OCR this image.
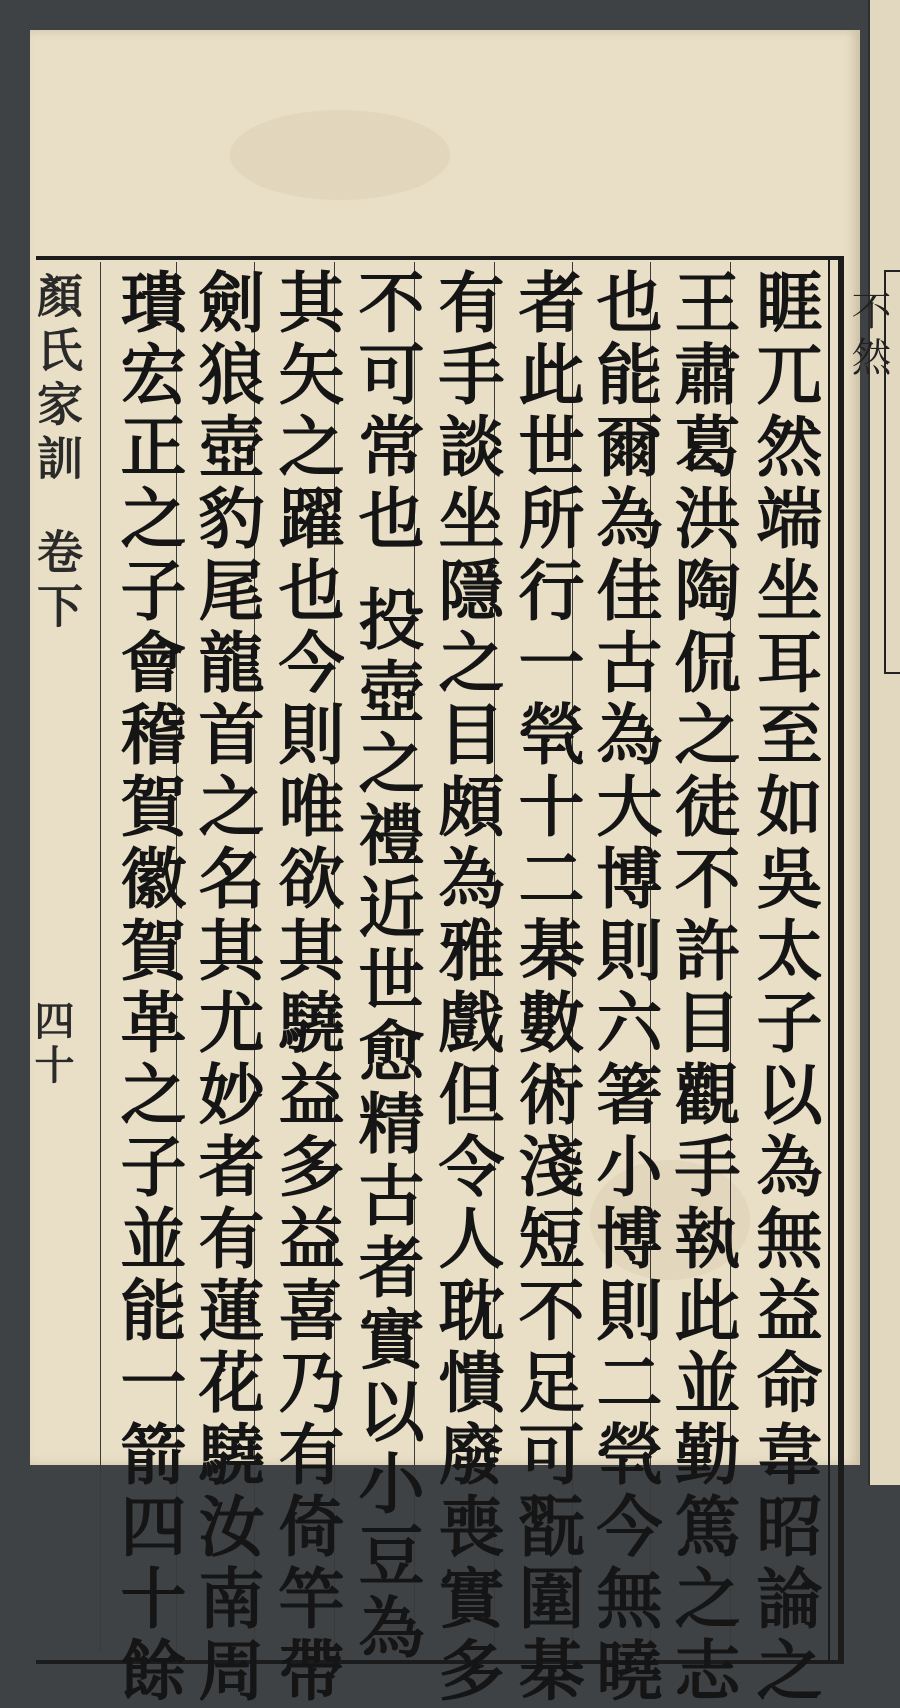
顏氏家訓卷下
四十	睚兀然端坐耳至如吳太子以為無益命韋昭論之
王肅葛洪陶侃之徒不許目觀手執此並勤篤之志
也能爾為佳古為大博則六箸小博則二煢今無曉
者此世所行一煢十二棊數術淺短不足可翫圍棊
有手談坐隱之目頗為雅戲但令人耽憒廢喪實多
不可常也 投壺之禮近世愈精古者實以小豆為
其矢之躍也今則唯欲其驍益多益喜乃有倚竿帶
劍狼壺豹尾龍首之名其尤妙者有蓮花驍汝南周
璝宏正之子會稽賀徽賀革之子並能一箭四十餘	不然
